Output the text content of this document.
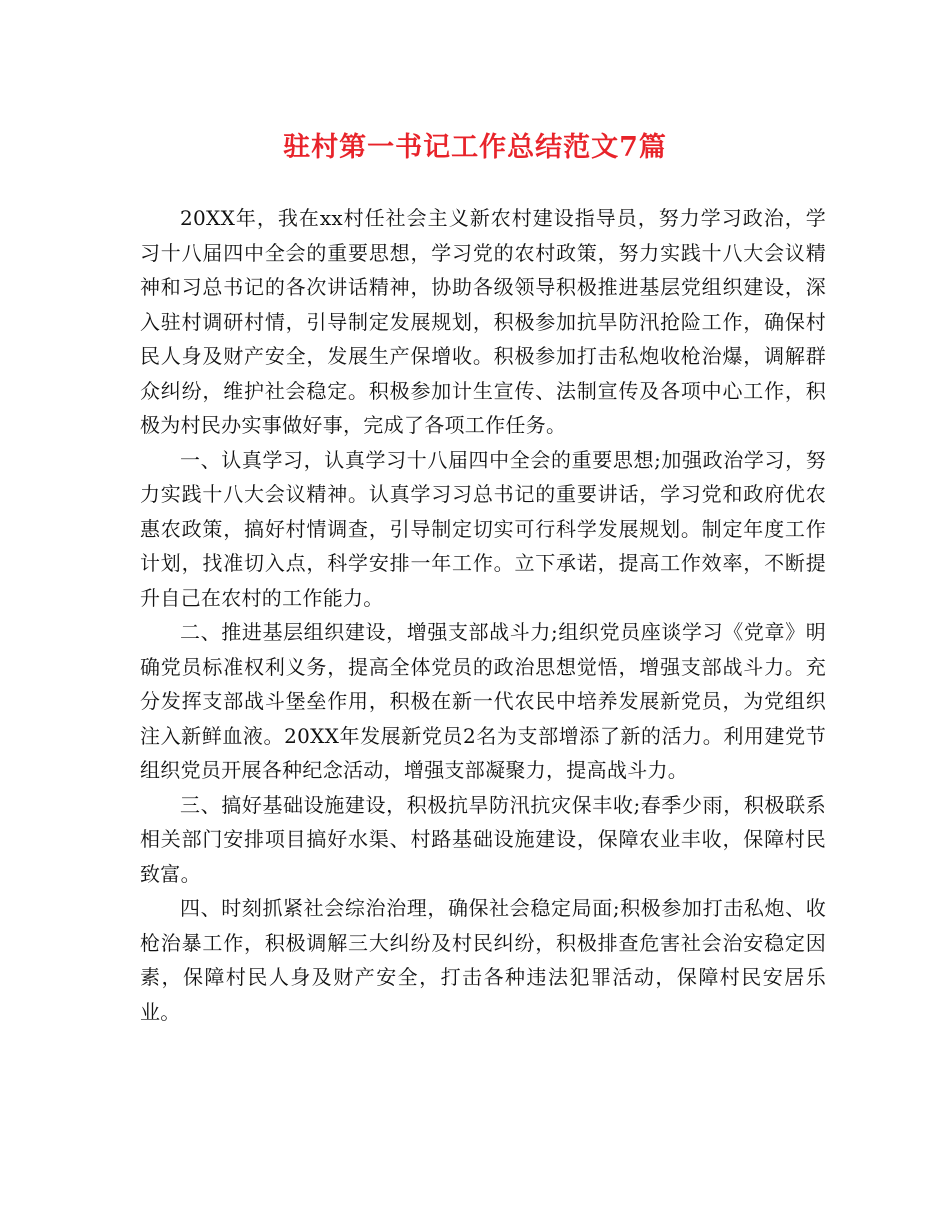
驻村第一书记工作总结范文7篇

20XX年，我在xx村任社会主义新农村建设指导员，努力学习政治，学习十八届四中全会的重要思想，学习党的农村政策，努力实践十八大会议精神和习总书记的各次讲话精神，协助各级领导积极推进基层党组织建设，深入驻村调研村情，引导制定发展规划，积极参加抗旱防汛抢险工作，确保村民人身及财产安全，发展生产保增收。积极参加打击私炮收枪治爆，调解群众纠纷，维护社会稳定。积极参加计生宣传、法制宣传及各项中心工作，积极为村民办实事做好事，完成了各项工作任务。

一、认真学习，认真学习十八届四中全会的重要思想;加强政治学习，努力实践十八大会议精神。认真学习习总书记的重要讲话，学习党和政府优农惠农政策，搞好村情调查，引导制定切实可行科学发展规划。制定年度工作计划，找准切入点，科学安排一年工作。立下承诺，提高工作效率，不断提升自己在农村的工作能力。

二、推进基层组织建设，增强支部战斗力;组织党员座谈学习《党章》明确党员标准权利义务，提高全体党员的政治思想觉悟，增强支部战斗力。充分发挥支部战斗堡垒作用，积极在新一代农民中培养发展新党员，为党组织注入新鲜血液。20XX年发展新党员2名为支部增添了新的活力。利用建党节组织党员开展各种纪念活动，增强支部凝聚力，提高战斗力。

三、搞好基础设施建设，积极抗旱防汛抗灾保丰收;春季少雨，积极联系相关部门安排项目搞好水渠、村路基础设施建设，保障农业丰收，保障村民致富。

四、时刻抓紧社会综治治理，确保社会稳定局面;积极参加打击私炮、收枪治暴工作，积极调解三大纠纷及村民纠纷，积极排查危害社会治安稳定因素，保障村民人身及财产安全，打击各种违法犯罪活动，保障村民安居乐业。
